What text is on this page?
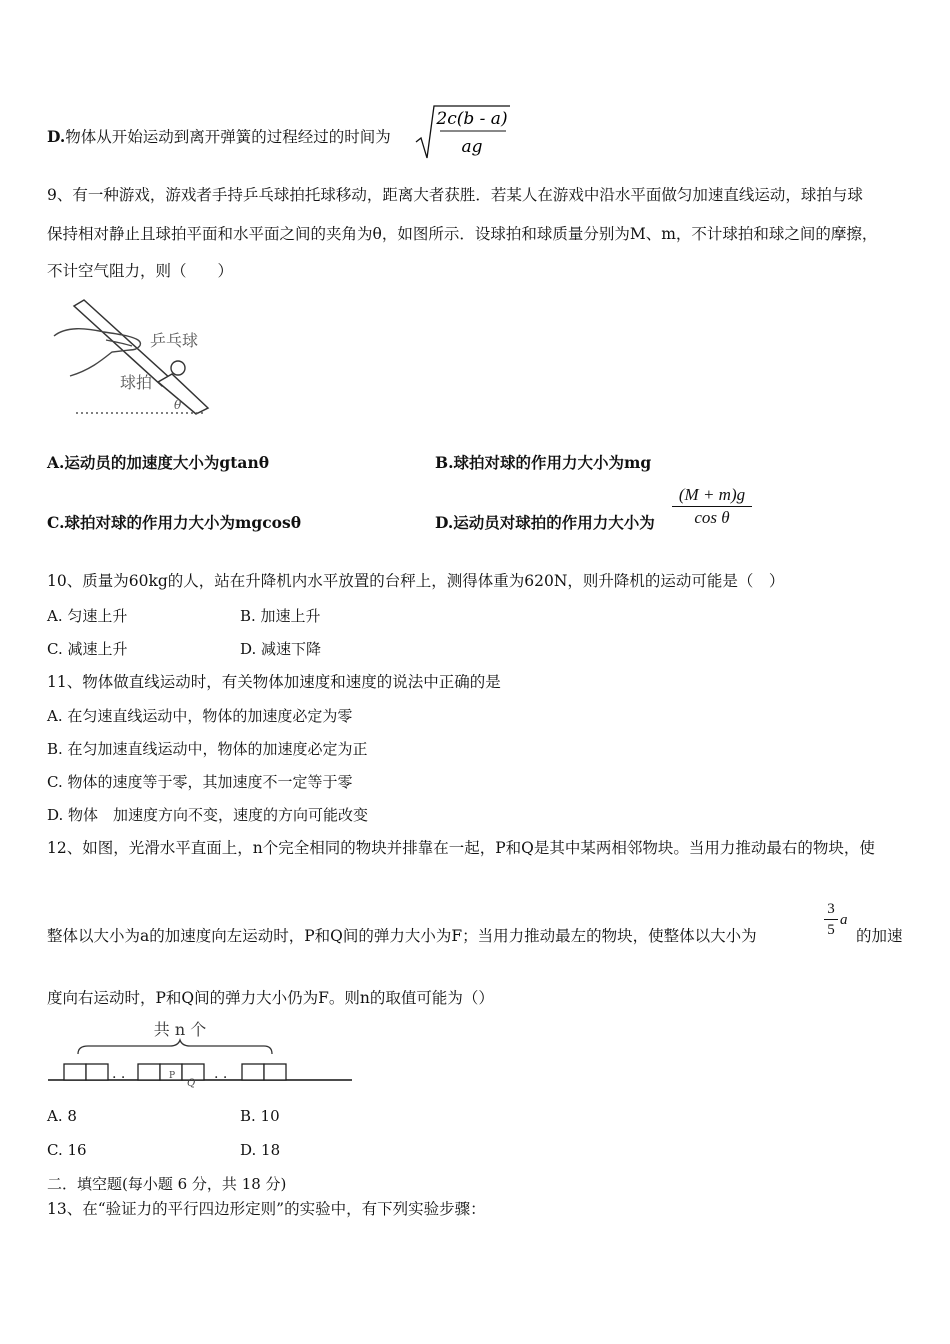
D.物体从开始运动到离开弹簧的过程经过的时间为
2c(b - a)
ag
9、有一种游戏，游戏者手持乒乓球拍托球移动，距离大者获胜．若某人在游戏中沿水平面做匀加速直线运动，球拍与球
保持相对静止且球拍平面和水平面之间的夹角为θ，如图所示．设球拍和球质量分别为M、m，不计球拍和球之间的摩擦，
不计空气阻力，则（　　）
乒乓球
球拍
θ
A.运动员的加速度大小为gtanθ	B.球拍对球的作用力大小为mg
C.球拍对球的作用力大小为mgcosθ	D.运动员对球拍的作用力大小为
(M + m)g
cos θ
10、质量为60kg的人，站在升降机内水平放置的台秤上，测得体重为620N，则升降机的运动可能是（　）
A. 匀速上升	B. 加速上升
C. 减速上升	D. 减速下降
11、物体做直线运动时，有关物体加速度和速度的说法中正确的是
A. 在匀速直线运动中，物体的加速度必定为零
B. 在匀加速直线运动中，物体的加速度必定为正
C. 物体的速度等于零，其加速度不一定等于零
D. 物体　加速度方向不变，速度的方向可能改变
12、如图，光滑水平直面上，n个完全相同的物块并排靠在一起，P和Q是其中某两相邻物块。当用力推动最右的物块，使
整体以大小为a的加速度向左运动时，P和Q间的弹力大小为F；当用力推动最左的物块，使整体以大小为
3
5
a
的加速
度向右运动时，P和Q间的弹力大小仍为F。则n的取值可能为（）
共 n 个
. .	P
Q
. .
A. 8	B. 10
C. 16	D. 18
二．填空题(每小题 6 分，共 18 分)
13、在“验证力的平行四边形定则”的实验中，有下列实验步骤：
